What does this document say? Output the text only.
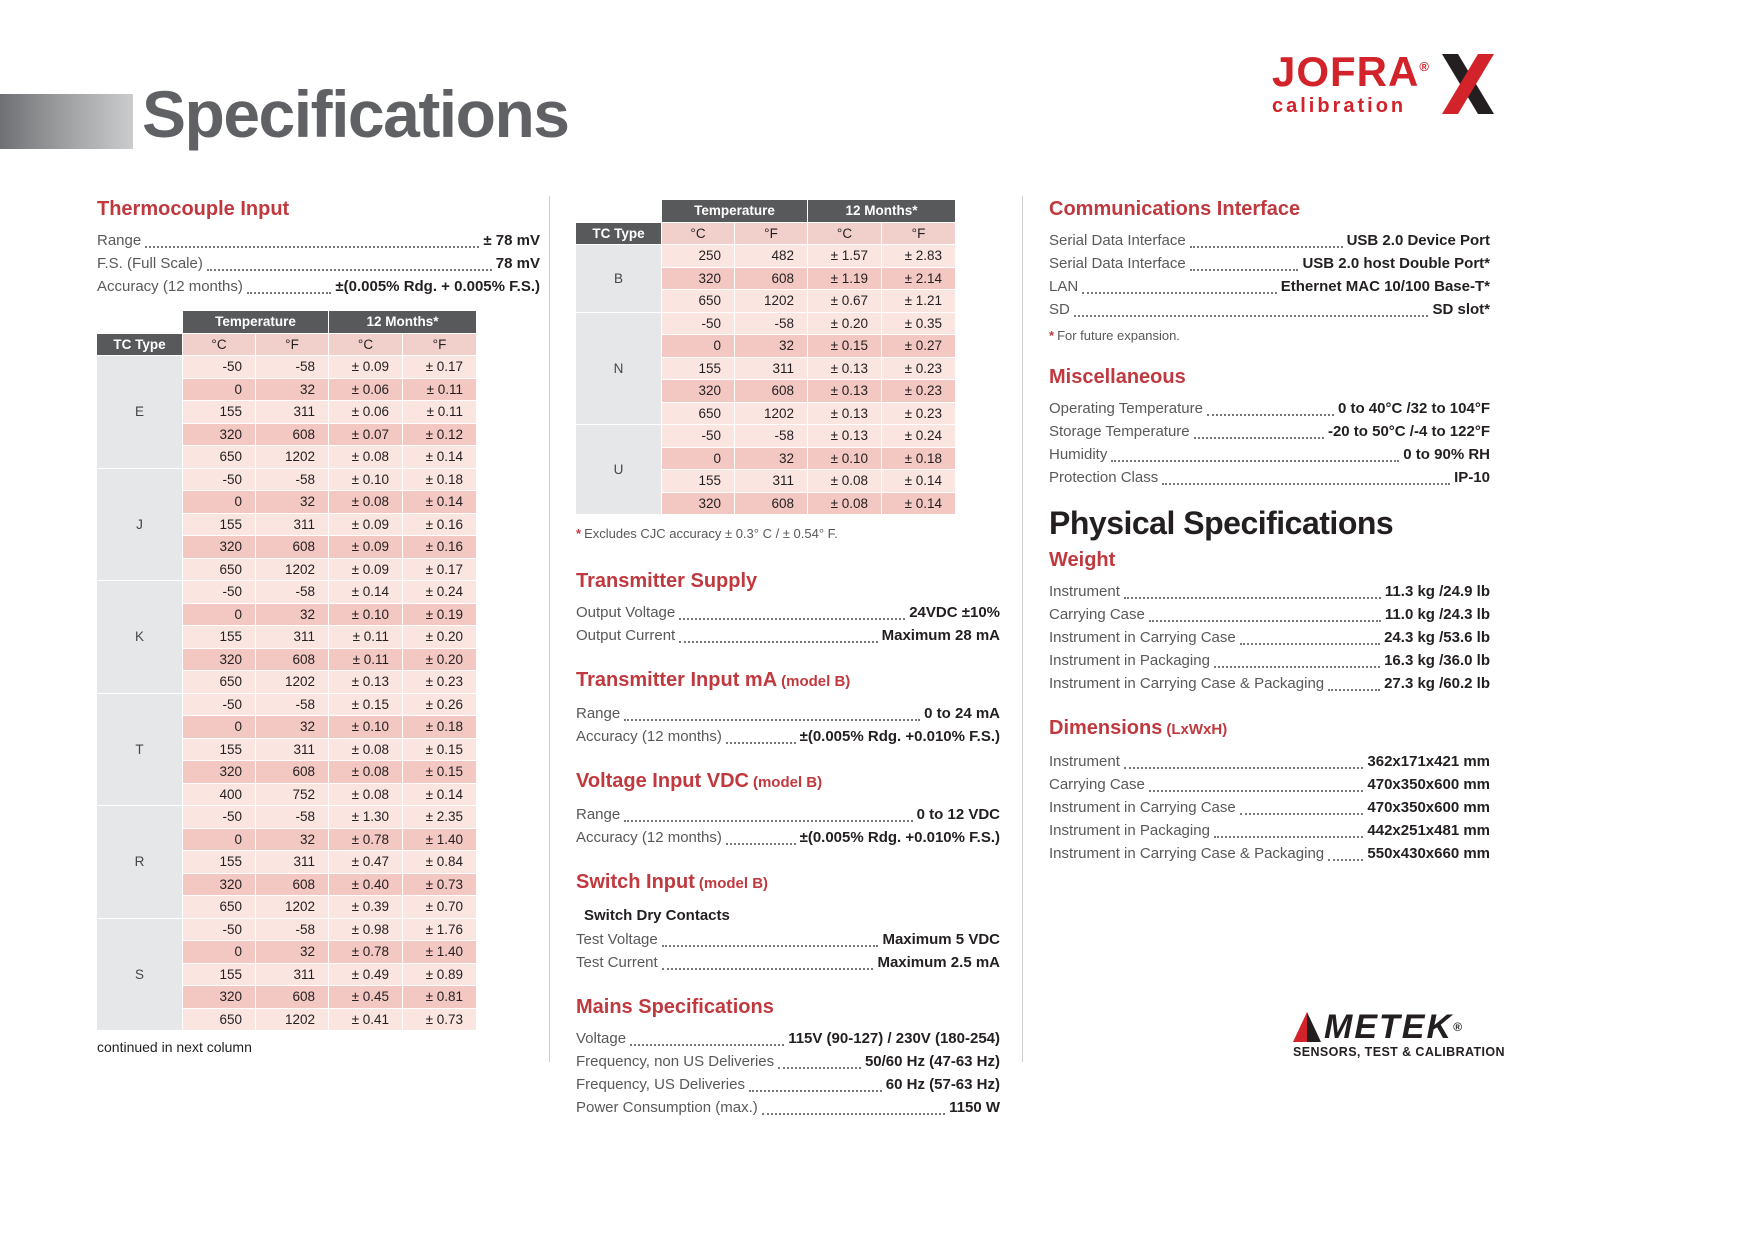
Specifications
JOFRA®
calibration
Thermocouple Input
Range	± 78 mV
F.S. (Full Scale)	78 mV
Accuracy (12 months)	±(0.005% Rdg. + 0.005% F.S.)
	Temperature		12 Months*	
TC Type	°C	°F	°C	°F
E	-50	-58	± 0.09	± 0.17
	0	32	± 0.06	± 0.11
	155	311	± 0.06	± 0.11
	320	608	± 0.07	± 0.12
	650	1202	± 0.08	± 0.14
J	-50	-58	± 0.10	± 0.18
	0	32	± 0.08	± 0.14
	155	311	± 0.09	± 0.16
	320	608	± 0.09	± 0.16
	650	1202	± 0.09	± 0.17
K	-50	-58	± 0.14	± 0.24
	0	32	± 0.10	± 0.19
	155	311	± 0.11	± 0.20
	320	608	± 0.11	± 0.20
	650	1202	± 0.13	± 0.23
T	-50	-58	± 0.15	± 0.26
	0	32	± 0.10	± 0.18
	155	311	± 0.08	± 0.15
	320	608	± 0.08	± 0.15
	400	752	± 0.08	± 0.14
R	-50	-58	± 1.30	± 2.35
	0	32	± 0.78	± 1.40
	155	311	± 0.47	± 0.84
	320	608	± 0.40	± 0.73
	650	1202	± 0.39	± 0.70
S	-50	-58	± 0.98	± 1.76
	0	32	± 0.78	± 1.40
	155	311	± 0.49	± 0.89
	320	608	± 0.45	± 0.81
	650	1202	± 0.41	± 0.73
continued in next column
	Temperature		12 Months*	
TC Type	°C	°F	°C	°F
B	250	482	± 1.57	± 2.83
	320	608	± 1.19	± 2.14
	650	1202	± 0.67	± 1.21
N	-50	-58	± 0.20	± 0.35
	0	32	± 0.15	± 0.27
	155	311	± 0.13	± 0.23
	320	608	± 0.13	± 0.23
	650	1202	± 0.13	± 0.23
U	-50	-58	± 0.13	± 0.24
	0	32	± 0.10	± 0.18
	155	311	± 0.08	± 0.14
	320	608	± 0.08	± 0.14
* Excludes CJC accuracy ± 0.3° C / ± 0.54° F.
Transmitter Supply
Output Voltage	24VDC ±10%
Output Current	Maximum 28 mA
Transmitter Input mA (model B)
Range	0 to 24 mA
Accuracy (12 months)	±(0.005% Rdg. +0.010% F.S.)
Voltage Input VDC (model B)
Range	0 to 12 VDC
Accuracy (12 months)	±(0.005% Rdg. +0.010% F.S.)
Switch Input (model B)
Switch Dry Contacts
Test Voltage	Maximum 5 VDC
Test Current	Maximum 2.5 mA
Mains Specifications
Voltage	115V (90-127) / 230V (180-254)
Frequency, non US Deliveries	50/60 Hz (47-63 Hz)
Frequency, US Deliveries	60 Hz (57-63 Hz)
Power Consumption (max.)	1150 W
Communications Interface
Serial Data Interface	USB 2.0 Device Port
Serial Data Interface	USB 2.0 host Double Port*
LAN	Ethernet MAC 10/100 Base-T*
SD	SD slot*
* For future expansion.
Miscellaneous
Operating Temperature	0 to 40°C /32 to 104°F
Storage Temperature	-20 to 50°C /-4 to 122°F
Humidity	0 to 90% RH
Protection Class	IP-10
Physical Specifications
Weight
Instrument	11.3 kg /24.9 lb
Carrying Case	11.0 kg /24.3 lb
Instrument in Carrying Case	24.3 kg /53.6 lb
Instrument in Packaging	16.3 kg /36.0 lb
Instrument in Carrying Case & Packaging	27.3 kg /60.2 lb
Dimensions (LxWxH)
Instrument	362x171x421 mm
Carrying Case	470x350x600 mm
Instrument in Carrying Case	470x350x600 mm
Instrument in Packaging	442x251x481 mm
Instrument in Carrying Case & Packaging	550x430x660 mm
METEK ®
SENSORS, TEST & CALIBRATION
